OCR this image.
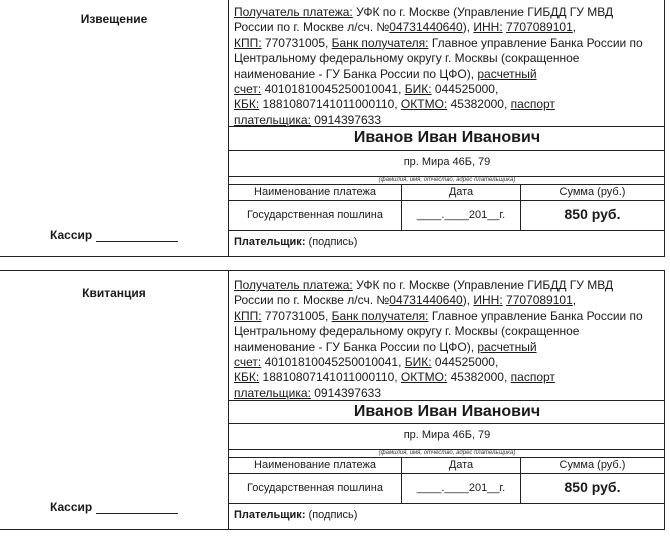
Извещение
Кассир

Получатель платежа: УФК по г. Москве (Управление ГИБДД ГУ МВД

России по г. Москве л/сч. №04731440640), ИНН: 7707089101,

КПП: 770731005, Банк получателя: Главное управление Банка России по

Центральному федеральному округу г. Москвы (сокращенное

наименование - ГУ Банка России по ЦФО), расчетный

счет: 40101810045250010041, БИК: 044525000,

КБК: 18810807141011000110, ОКТМО: 45382000, паспорт

плательщика: 0914397633

Иванов Иван Иванович
пр. Мира 46Б, 79
(фамилия, имя, отчество, адрес плательщика)
Наименование платежа	Дата	Сумма (руб.)
Государственная пошлина	____.____201__г.	850 руб.
Плательщик: (подпись)
Квитанция
Кассир

Получатель платежа: УФК по г. Москве (Управление ГИБДД ГУ МВД

России по г. Москве л/сч. №04731440640), ИНН: 7707089101,

КПП: 770731005, Банк получателя: Главное управление Банка России по

Центральному федеральному округу г. Москвы (сокращенное

наименование - ГУ Банка России по ЦФО), расчетный

счет: 40101810045250010041, БИК: 044525000,

КБК: 18810807141011000110, ОКТМО: 45382000, паспорт

плательщика: 0914397633

Иванов Иван Иванович
пр. Мира 46Б, 79
(фамилия, имя, отчество, адрес плательщика)
Наименование платежа	Дата	Сумма (руб.)
Государственная пошлина	____.____201__г.	850 руб.
Плательщик: (подпись)
